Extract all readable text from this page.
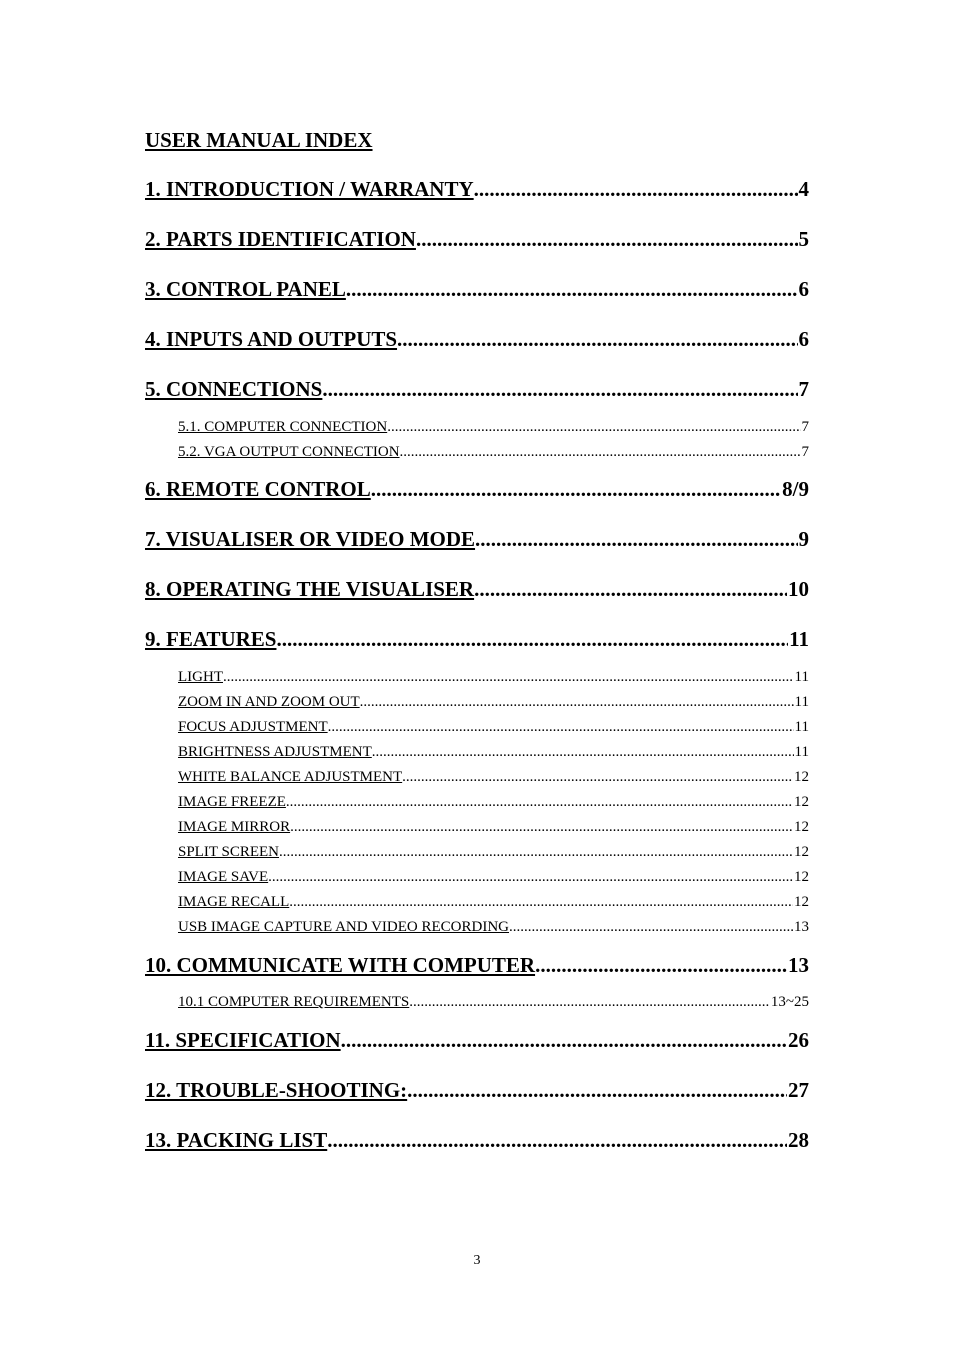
USER MANUAL INDEX
1. INTRODUCTION / WARRANTY .....	4
2. PARTS IDENTIFICATION .....	5
3. CONTROL PANEL .....	6
4. INPUTS AND OUTPUTS .....	6
5. CONNECTIONS .....	7
5.1. COMPUTER CONNECTION .....	7
5.2. VGA OUTPUT CONNECTION .....	7
6. REMOTE CONTROL .....	8/9
7. VISUALISER OR VIDEO MODE .....	9
8. OPERATING THE VISUALISER .....	10
9. FEATURES .....	11
LIGHT .....	11
ZOOM IN AND ZOOM OUT .....	11
FOCUS ADJUSTMENT .....	11
BRIGHTNESS ADJUSTMENT .....	11
WHITE BALANCE ADJUSTMENT .....	12
IMAGE FREEZE .....	12
IMAGE MIRROR .....	12
SPLIT SCREEN .....	12
IMAGE SAVE .....	12
IMAGE RECALL .....	12
USB IMAGE CAPTURE AND VIDEO RECORDING .....	13
10. COMMUNICATE WITH COMPUTER .....	13
10.1 COMPUTER REQUIREMENTS .....	13~25
11. SPECIFICATION .....	26
12. TROUBLE-SHOOTING: .....	27
13. PACKING LIST .....	28
3
